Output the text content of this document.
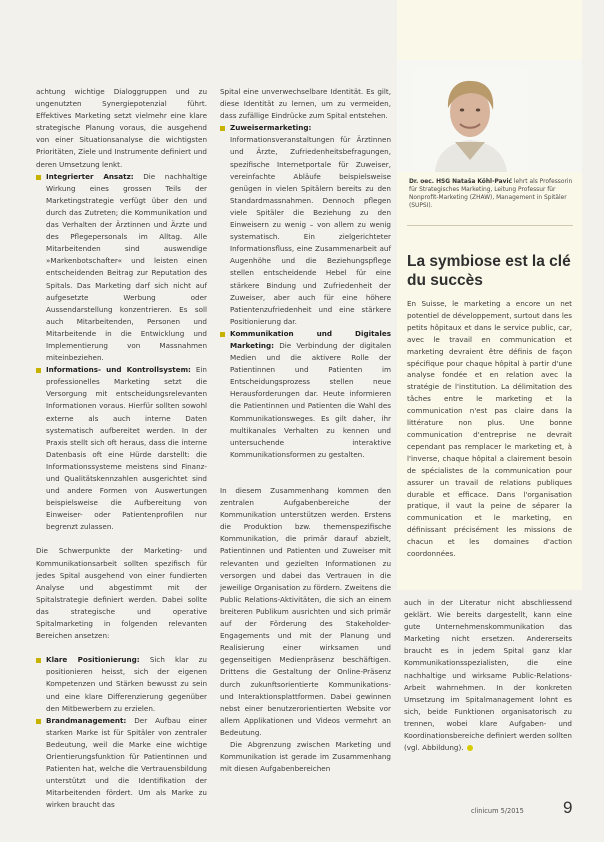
Dr. oec. HSG Nataša Köhl-Pavić lehrt als Professorin für Strategisches Marketing, Leitung Professur für Nonprofit-Marketing (ZHAW), Management in Spitäler (SUPSI).
La symbiose est la clé du succès
En Suisse, le marketing a encore un net potentiel de développement, surtout dans les petits hôpitaux et dans le service public, car, avec le travail en communication et marketing devraient être définis de façon spécifique pour chaque hôpital à partir d'une analyse fondée et en relation avec la stratégie de l'institution. La délimitation des tâches entre le marketing et la communication n'est pas claire dans la littérature non plus. Une bonne communication d'entreprise ne devrait cependant pas remplacer le marketing et, à l'inverse, chaque hôpital a clairement besoin de spécialistes de la communication pour assurer un travail de relations publiques durable et efficace. Dans l'organisation pratique, il vaut la peine de séparer la communication et le marketing, en définissant précisément les missions de chacun et les domaines d'action coordonnées.

achtung wichtige Dialoggruppen und zu ungenutzten Synergiepotenzial führt. Effektives Marketing setzt vielmehr eine klare strategische Planung voraus, die ausgehend von einer Situationsanalyse die wichtigsten Prioritäten, Ziele und Instrumente definiert und deren Umsetzung lenkt.

Integrierter Ansatz: Die nachhaltige Wirkung eines grossen Teils der Marketingstrategie verfügt über den und durch das Zutreten; die Kommunikation und das Verhalten der Ärztinnen und Ärzte und des Pflegepersonals im Alltag. Alle Mitarbeitenden sind auswendige »Markenbotschafter« und leisten einen entscheidenden Beitrag zur Reputation des Spitals. Das Marketing darf sich nicht auf aufgesetzte Werbung oder Aussendarstellung konzentrieren. Es soll auch Mitarbeitenden, Personen und Mitarbeitende in die Entwicklung und Implementierung von Massnahmen miteinbeziehen.

Informations- und Kontrollsystem: Ein professionelles Marketing setzt die Versorgung mit entscheidungsrelevanten Informationen voraus. Hierfür sollten sowohl externe als auch interne Daten systematisch aufbereitet werden. In der Praxis stellt sich oft heraus, dass die interne Datenbasis oft eine Hürde darstellt: die Informationssysteme meistens sind Finanz- und Qualitätskennzahlen ausgerichtet sind und andere Formen von Auswertungen beispielsweise die Aufbereitung von Einweiser- oder Patientenprofilen nur begrenzt zulassen.

Die Schwerpunkte der Marketing- und Kommunikationsarbeit sollten spezifisch für jedes Spital ausgehend von einer fundierten Analyse und abgestimmt mit der Spitalstrategie definiert werden. Dabei sollte das strategische und operative Spitalmarketing in folgenden relevanten Bereichen ansetzen:

Klare Positionierung: Sich klar zu positionieren heisst, sich der eigenen Kompetenzen und Stärken bewusst zu sein und eine klare Differenzierung gegenüber den Mitbewerbern zu erzielen.

Brandmanagement: Der Aufbau einer starken Marke ist für Spitäler von zentraler Bedeutung, weil die Marke eine wichtige Orientierungsfunktion für Patientinnen und Patienten hat, welche die Vertrauensbildung unterstützt und die Identifikation der Mitarbeitenden fördert. Um als Marke zu wirken braucht das

Spital eine unverwechselbare Identität. Es gilt, diese Identität zu lernen, um zu vermeiden, dass zufällige Eindrücke zum Spital entstehen.

Zuweisermarketing: Informationsveranstaltungen für Ärztinnen und Ärzte, Zufriedenheitsbefragungen, spezifische Internetportale für Zuweiser, vereinfachte Abläufe beispielsweise genügen in vielen Spitälern bereits zu den Standardmassnahmen. Dennoch pflegen viele Spitäler die Beziehung zu den Einweisern zu wenig – von allem zu wenig systematisch. Ein zielgerichteter Informationsfluss, eine Zusammenarbeit auf Augenhöhe und die Beziehungspflege stellen entscheidende Hebel für eine stärkere Bindung und Zufriedenheit der Zuweiser, aber auch für eine höhere Patientenzufriedenheit und eine stärkere Positionierung dar.

Kommunikation und Digitales Marketing: Die Verbindung der digitalen Medien und die aktivere Rolle der Patientinnen und Patienten im Entscheidungsprozess stellen neue Herausforderungen dar. Heute informieren die Patientinnen und Patienten die Wahl des Kommunikationsweges. Es gilt daher, ihr multikanales Verhalten zu kennen und untersuchende interaktive Kommunikationsformen zu gestalten.

In diesem Zusammenhang kommen den zentralen Aufgabenbereiche der Kommunikation unterstützen werden. Erstens die Produktion bzw. themenspezifische Kommunikation, die primär darauf abzielt, Patientinnen und Patienten und Zuweiser mit relevanten und gezielten Informationen zu versorgen und dabei das Vertrauen in die jeweilige Organisation zu fördern. Zweitens die Public Relations-Aktivitäten, die sich an einem breiteren Publikum ausrichten und sich primär auf der Förderung des Stakeholder-Engagements und mit der Planung und Realisierung einer wirksamen und gegenseitigen Medienpräsenz beschäftigen. Drittens die Gestaltung der Online-Präsenz durch zukunftsorientierte Kommunikations- und Interaktionsplattformen. Dabei gewinnen nebst einer benutzerorientierten Website vor allem Applikationen und Videos vermehrt an Bedeutung.

Die Abgrenzung zwischen Marketing und Kommunikation ist gerade im Zusammenhang mit diesen Aufgabenbereichen

auch in der Literatur nicht abschliessend geklärt. Wie bereits dargestellt, kann eine gute Unternehmenskommunikation das Marketing nicht ersetzen. Andererseits braucht es in jedem Spital ganz klar Kommunikationsspezialisten, die eine nachhaltige und wirksame Public-Relations-Arbeit wahrnehmen. In der konkreten Umsetzung im Spitalmanagement lohnt es sich, beide Funktionen organisatorisch zu trennen, wobei klare Aufgaben- und Koordinationsbereiche definiert werden sollten (vgl. Abbildung).

clinicum 5/2015 9
